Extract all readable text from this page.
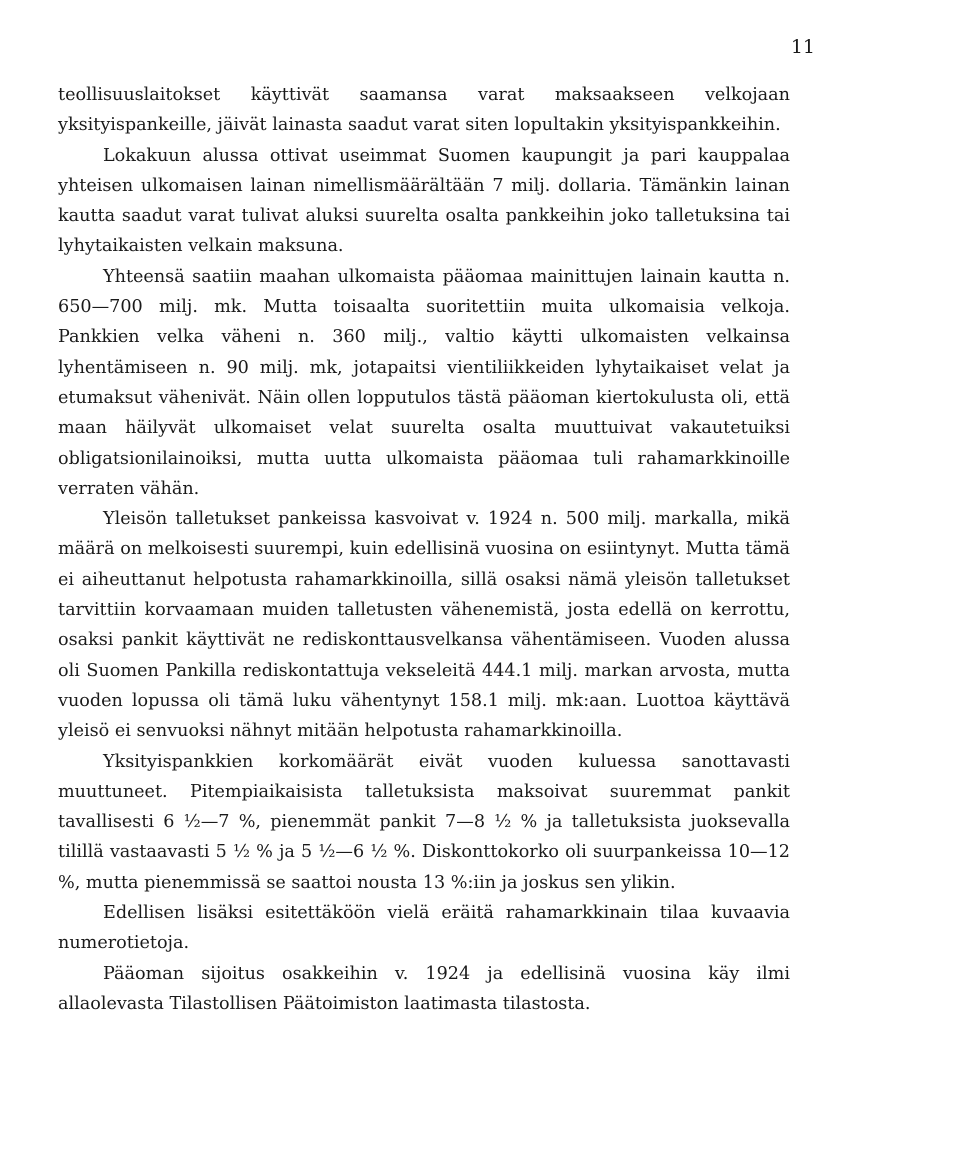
11

teollisuuslaitokset käyttivät saamansa varat maksaakseen velkojaan yksityispankeille, jäivät lainasta saadut varat siten lopultakin yksityispankkeihin.

Lokakuun alussa ottivat useimmat Suomen kaupungit ja pari kauppalaa yhteisen ulkomaisen lainan nimellismäärältään 7 milj. dollaria. Tämänkin lainan kautta saadut varat tulivat aluksi suurelta osalta pankkeihin joko talletuksina tai lyhytaikaisten velkain maksuna.

Yhteensä saatiin maahan ulkomaista pääomaa mainittujen lainain kautta n. 650—700 milj. mk. Mutta toisaalta suoritettiin muita ulkomaisia velkoja. Pankkien velka väheni n. 360 milj., valtio käytti ulkomaisten velkainsa lyhentämiseen n. 90 milj. mk, jotapaitsi vientiliikkeiden lyhytaikaiset velat ja etumaksut vähenivät. Näin ollen lopputulos tästä pääoman kiertokulusta oli, että maan häilyvät ulkomaiset velat suurelta osalta muuttuivat vakautetuiksi obligatsionilainoiksi, mutta uutta ulkomaista pääomaa tuli rahamarkkinoille verraten vähän.

Yleisön talletukset pankeissa kasvoivat v. 1924 n. 500 milj. markalla, mikä määrä on melkoisesti suurempi, kuin edellisinä vuosina on esiintynyt. Mutta tämä ei aiheuttanut helpotusta rahamarkkinoilla, sillä osaksi nämä yleisön talletukset tarvittiin korvaamaan muiden talletusten vähenemistä, josta edellä on kerrottu, osaksi pankit käyttivät ne rediskonttausvelkansa vähentämiseen. Vuoden alussa oli Suomen Pankilla rediskontattuja vekseleitä 444.1 milj. markan arvosta, mutta vuoden lopussa oli tämä luku vähentynyt 158.1 milj. mk:aan. Luottoa käyttävä yleisö ei senvuoksi nähnyt mitään helpotusta rahamarkkinoilla.

Yksityispankkien korkomäärät eivät vuoden kuluessa sanottavasti muuttuneet. Pitempiaikaisista talletuksista maksoivat suuremmat pankit tavallisesti 6 ½—7 %, pienemmät pankit 7—8 ½ % ja talletuksista juoksevalla tilillä vastaavasti 5 ½ % ja 5 ½—6 ½ %. Diskonttokorko oli suurpankeissa 10—12 %, mutta pienemmissä se saattoi nousta 13 %:iin ja joskus sen ylikin.

Edellisen lisäksi esitettäköön vielä eräitä rahamarkkinain tilaa kuvaavia numerotietoja.

Pääoman sijoitus osakkeihin v. 1924 ja edellisinä vuosina käy ilmi allaolevasta Tilastollisen Päätoimiston laatimasta tilastosta.
